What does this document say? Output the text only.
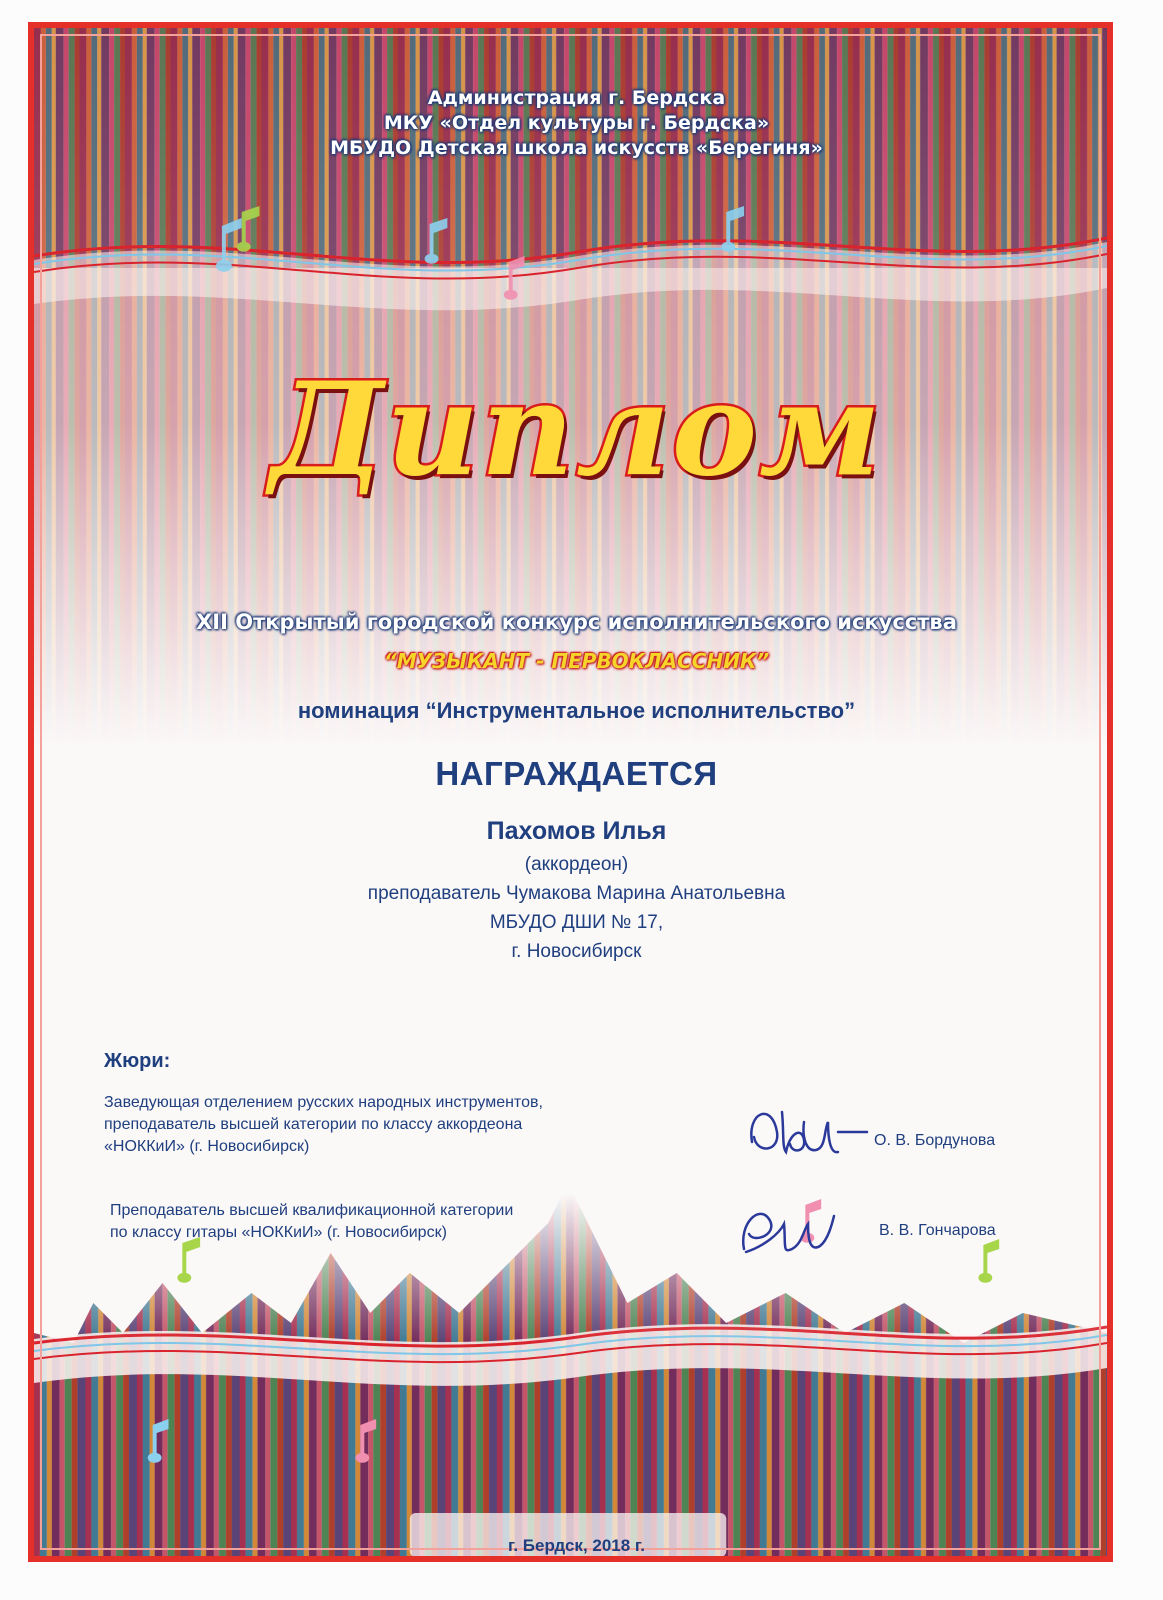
Администрация г. Бердска
МКУ «Отдел культуры г. Бердска»
МБУДО Детская школа искусств «Берегиня»
Диплом
XII Открытый городской конкурс исполнительского искусства
“МУЗЫКАНТ - ПЕРВОКЛАССНИК”
номинация “Инструментальное исполнительство”
НАГРАЖДАЕТСЯ
Пахомов Илья
(аккордеон)
преподаватель Чумакова Марина Анатольевна
МБУДО ДШИ № 17,
г. Новосибирск
Жюри:
Заведующая отделением русских народных инструментов,
преподаватель высшей категории по классу аккордеона
«НОККиИ» (г. Новосибирск)	О. В. Бордунова
Преподаватель высшей квалификационной категории
по классу гитары «НОККиИ» (г. Новосибирск)	В. В. Гончарова
г. Бердск, 2018 г.
